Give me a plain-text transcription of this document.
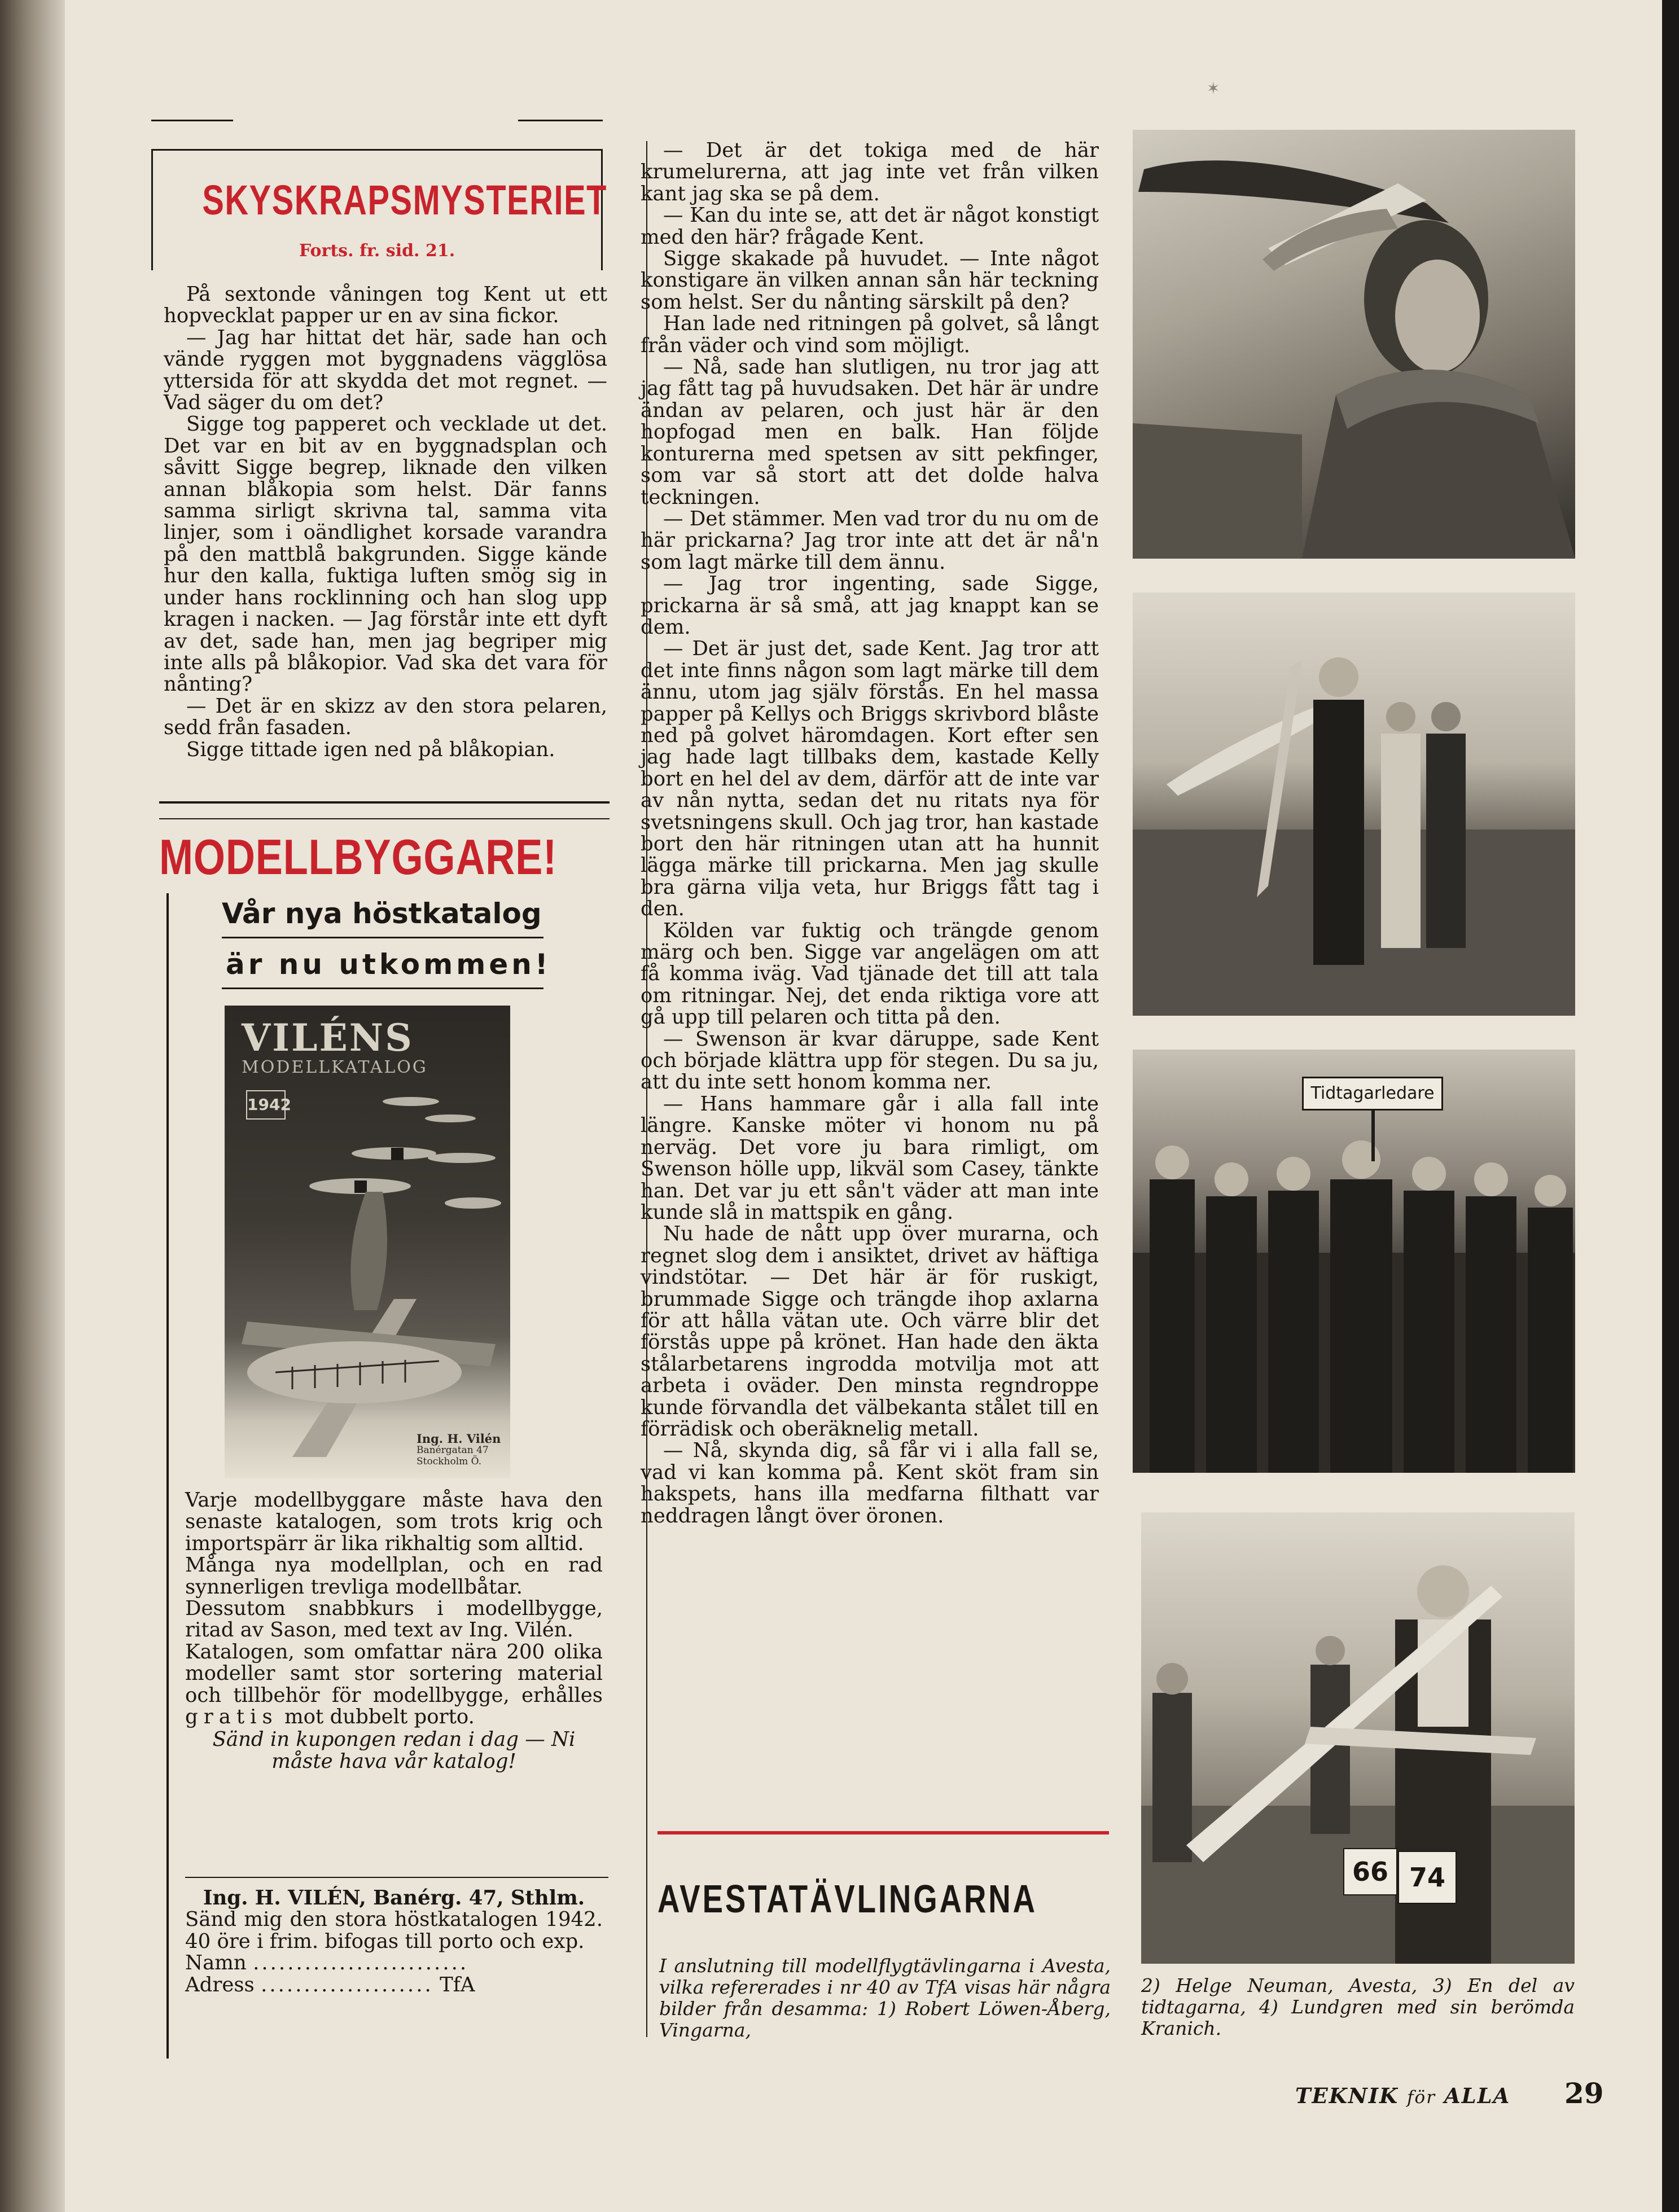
✶
SKYSKRAPSMYSTERIET
Forts. fr. sid. 21.

På sextonde våningen tog Kent ut ett hopvecklat papper ur en av sina fickor.

— Jag har hittat det här, sade han och vände ryggen mot byggnadens vägglösa yttersida för att skydda det mot regnet. — Vad säger du om det?

Sigge tog papperet och vecklade ut det. Det var en bit av en byggnadsplan och såvitt Sigge begrep, liknade den vilken annan blåkopia som helst. Där fanns samma sirligt skrivna tal, samma vita linjer, som i oändlighet korsade varandra på den mattblå bakgrunden. Sigge kände hur den kalla, fuktiga luften smög sig in under hans rocklinning och han slog upp kragen i nacken. — Jag förstår inte ett dyft av det, sade han, men jag begriper mig inte alls på blåkopior. Vad ska det vara för nånting?

— Det är en skizz av den stora pelaren, sedd från fasaden.

Sigge tittade igen ned på blåkopian.

MODELLBYGGARE!
Vår nya höstkatalog
är nu utkommen!
VILÉNS
MODELLKATALOG
1942
Ing. H. Vilén
Banérgatan 47
Stockholm Ö.

Varje modellbyggare måste hava den senaste katalogen, som trots krig och importspärr är lika rikhaltig som alltid.

Många nya modellplan, och en rad synnerligen trevliga modellbåtar.

Dessutom snabbkurs i modellbygge, ritad av Sason, med text av Ing. Vilén.

Katalogen, som omfattar nära 200 olika modeller samt stor sortering material och tillbehör för modellbygge, erhålles gratis mot dubbelt porto.

Sänd in kupongen redan i dag — Ni måste hava vår katalog!

Ing. H. VILÉN, Banérg. 47, Sthlm.

Sänd mig den stora höstkatalogen 1942. 40 öre i frim. bifogas till porto och exp.

Namn .........................

Adress .................... TfA

— Det är det tokiga med de här krumelurerna, att jag inte vet från vilken kant jag ska se på dem.

— Kan du inte se, att det är något konstigt med den här? frågade Kent.

Sigge skakade på huvudet. — Inte något konstigare än vilken annan sån här teckning som helst. Ser du nånting särskilt på den?

Han lade ned ritningen på golvet, så långt från väder och vind som möjligt.

— Nå, sade han slutligen, nu tror jag att jag fått tag på huvudsaken. Det här är undre ändan av pelaren, och just här är den hopfogad men en balk. Han följde konturerna med spetsen av sitt pekfinger, som var så stort att det dolde halva teckningen.

— Det stämmer. Men vad tror du nu om de här prickarna? Jag tror inte att det är nå'n som lagt märke till dem ännu.

— Jag tror ingenting, sade Sigge, prickarna är så små, att jag knappt kan se dem.

— Det är just det, sade Kent. Jag tror att det inte finns någon som lagt märke till dem ännu, utom jag själv förstås. En hel massa papper på Kellys och Briggs skrivbord blåste ned på golvet häromdagen. Kort efter sen jag hade lagt tillbaks dem, kastade Kelly bort en hel del av dem, därför att de inte var av nån nytta, sedan det nu ritats nya för svetsningens skull. Och jag tror, han kastade bort den här ritningen utan att ha hunnit lägga märke till prickarna. Men jag skulle bra gärna vilja veta, hur Briggs fått tag i den.

Kölden var fuktig och trängde genom märg och ben. Sigge var angelägen om att få komma iväg. Vad tjänade det till att tala om ritningar. Nej, det enda riktiga vore att gå upp till pelaren och titta på den.

— Swenson är kvar däruppe, sade Kent och började klättra upp för stegen. Du sa ju, att du inte sett honom komma ner.

— Hans hammare går i alla fall inte längre. Kanske möter vi honom nu på nerväg. Det vore ju bara rimligt, om Swenson hölle upp, likväl som Casey, tänkte han. Det var ju ett sån't väder att man inte kunde slå in mattspik en gång.

Nu hade de nått upp över murarna, och regnet slog dem i ansiktet, drivet av häftiga vindstötar. — Det här är för ruskigt, brummade Sigge och trängde ihop axlarna för att hålla vätan ute. Och värre blir det förstås uppe på krönet. Han hade den äkta stålarbetarens ingrodda motvilja mot att arbeta i oväder. Den minsta regndroppe kunde förvandla det välbekanta stålet till en förrädisk och oberäknelig metall.

— Nå, skynda dig, så får vi i alla fall se, vad vi kan komma på. Kent sköt fram sin hakspets, hans illa medfarna filthatt var neddragen långt över öronen.

AVESTATÄVLINGARNA
I anslutning till modellflygtävlingarna i Avesta, vilka refererades i nr 40 av TfA visas här några bilder från desamma: 1) Robert Löwen-Åberg, Vingarna,
Tidtagarledare
66 74
2) Helge Neuman, Avesta, 3) En del av tidtagarna, 4) Lundgren med sin berömda Kranich.
TEKNIK för ALLA 29
